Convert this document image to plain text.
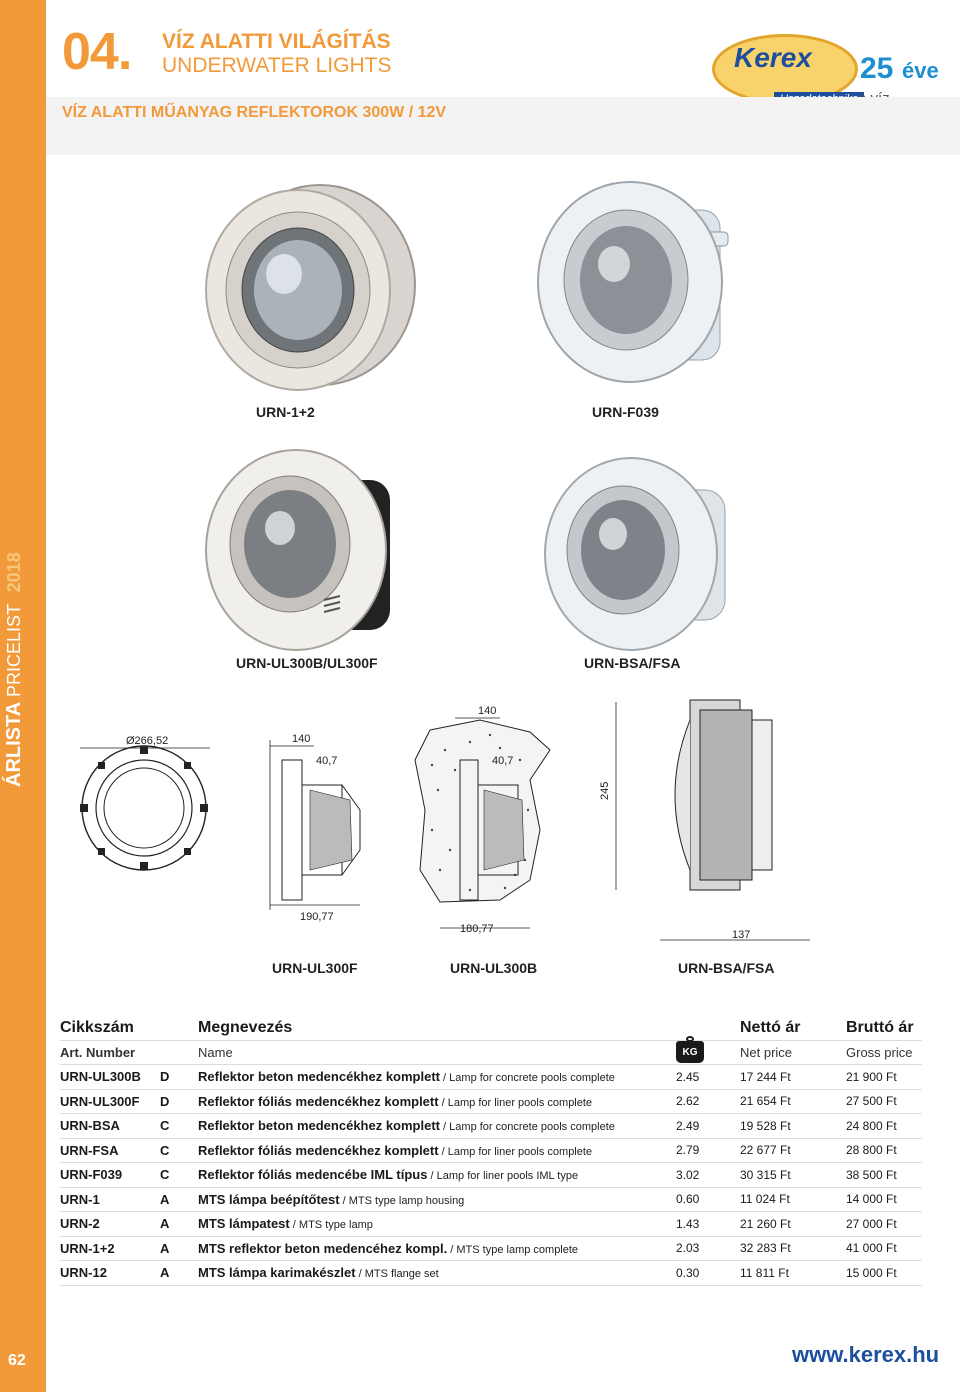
ÁRLISTA PRICELIST 2018
62
04. VÍZ ALATTI VILÁGÍTÁS
UNDERWATER LIGHTS	Kerex 25 éve
VÍZ ALATTI MŰANYAG REFLEKTOROK 300W / 12V
URN-1+2	URN-F039
URN-UL300B/UL300F	URN-BSA/FSA
Ø266,52	140
40,7
190,77
140
40,7
180,77
245
137
URN-UL300F	URN-UL300B	URN-BSA/FSA
Cikkszám		Megnevezés		Nettó ár	Bruttó ár
Art. Number		Name	KG	Net price	Gross price
URN-UL300B	D	Reflektor beton medencékhez komplett / Lamp for concrete pools complete	2.45	17 244 Ft	21 900 Ft
URN-UL300F	D	Reflektor fóliás medencékhez komplett / Lamp for liner pools complete	2.62	21 654 Ft	27 500 Ft
URN-BSA	C	Reflektor beton medencékhez komplett / Lamp for concrete pools complete	2.49	19 528 Ft	24 800 Ft
URN-FSA	C	Reflektor fóliás medencékhez komplett / Lamp for liner pools complete	2.79	22 677 Ft	28 800 Ft
URN-F039	C	Reflektor fóliás medencébe IML típus / Lamp for liner pools IML type	3.02	30 315 Ft	38 500 Ft
URN-1	A	MTS lámpa beépítőtest / MTS type lamp housing	0.60	11 024 Ft	14 000 Ft
URN-2	A	MTS lámpatest / MTS type lamp	1.43	21 260 Ft	27 000 Ft
URN-1+2	A	MTS reflektor beton medencéhez kompl. / MTS type lamp complete	2.03	32 283 Ft	41 000 Ft
URN-12	A	MTS lámpa karimakészlet / MTS flange set	0.30	11 811 Ft	15 000 Ft
www.kerex.hu
